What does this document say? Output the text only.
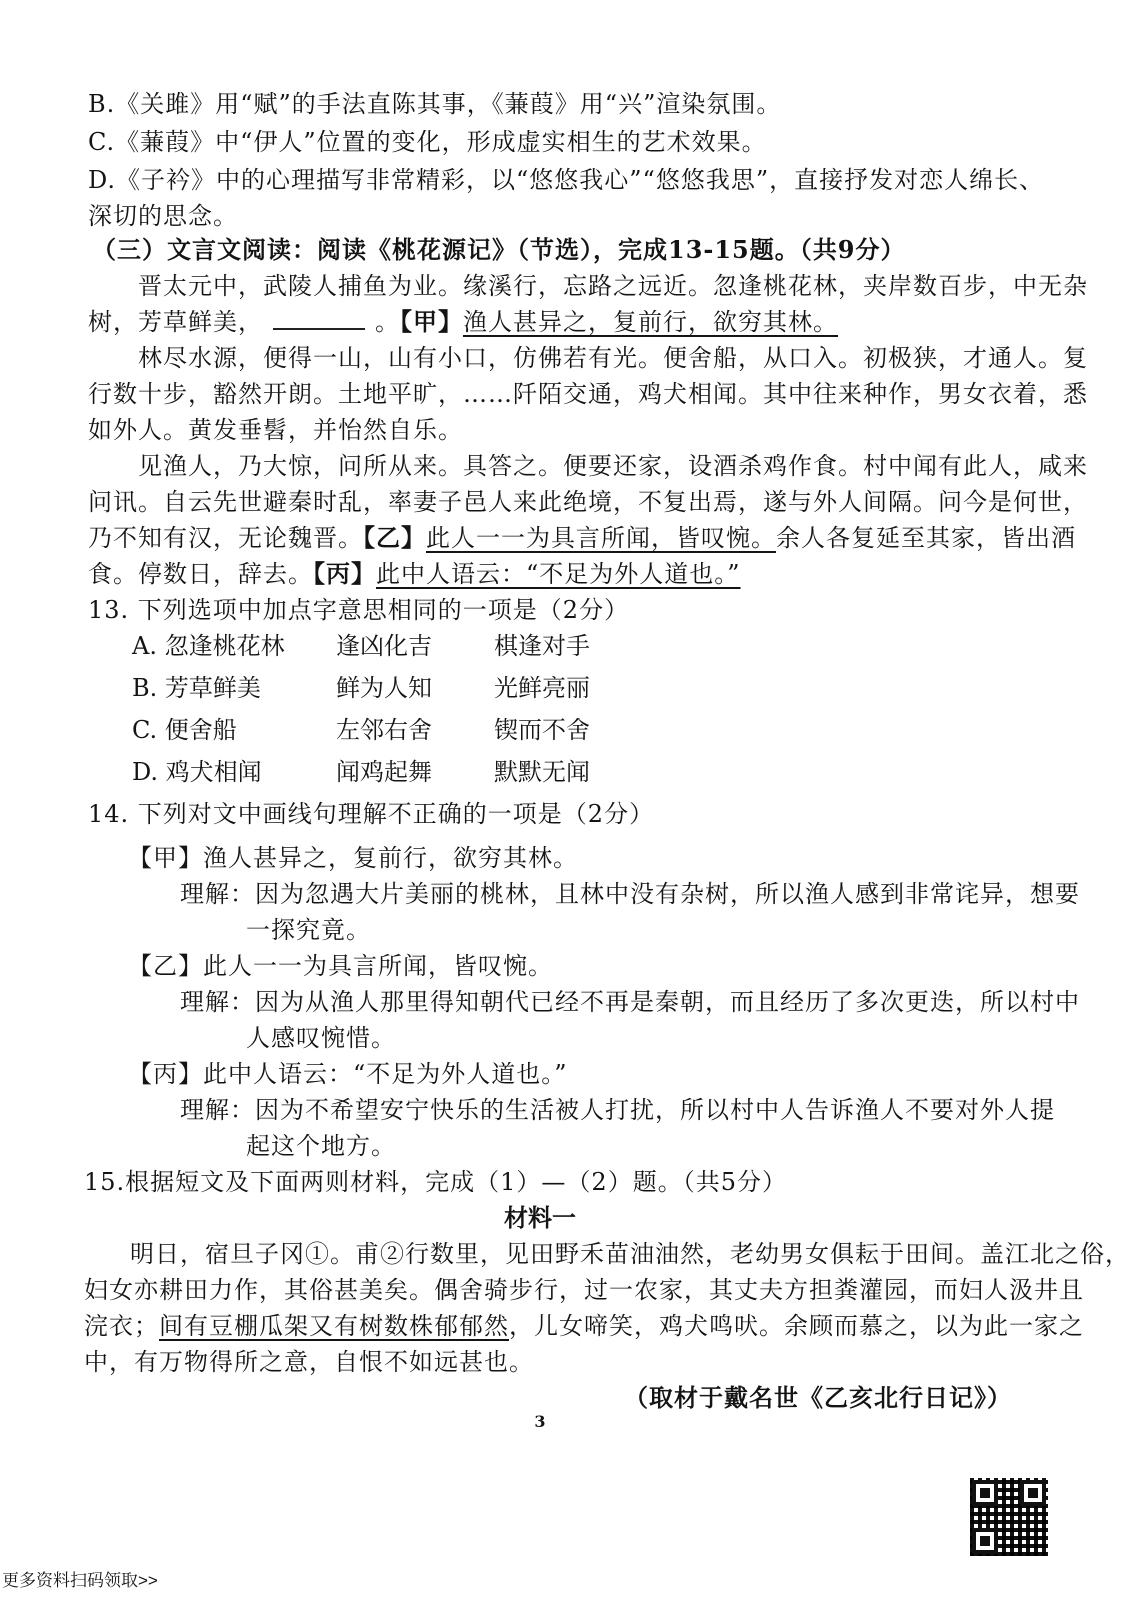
B.《关雎》用“赋”的手法直陈其事，《蒹葭》用“兴”渲染氛围。
C.《蒹葭》中“伊人”位置的变化，形成虚实相生的艺术效果。
D.《子衿》中的心理描写非常精彩，以“悠悠我心”“悠悠我思”，直接抒发对恋人绵长、
深切的思念。
（三）文言文阅读：阅读《桃花源记》（节选），完成13-15题。（共9分）
晋太元中，武陵人捕鱼为业。缘溪行，忘路之远近。忽逢桃花林，夹岸数百步，中无杂
树，芳草鲜美，	。【甲】渔人甚异之，复前行，欲穷其林。
林尽水源，便得一山，山有小口，仿佛若有光。便舍船，从口入。初极狭，才通人。复
行数十步，豁然开朗。土地平旷，……阡陌交通，鸡犬相闻。其中往来种作，男女衣着，悉
如外人。黄发垂髫，并怡然自乐。
见渔人，乃大惊，问所从来。具答之。便要还家，设酒杀鸡作食。村中闻有此人，咸来
问讯。自云先世避秦时乱，率妻子邑人来此绝境，不复出焉，遂与外人间隔。问今是何世，
乃不知有汉，无论魏晋。【乙】此人一一为具言所闻，皆叹惋。余人各复延至其家，皆出酒
食。停数日，辞去。【丙】此中人语云：“不足为外人道也。”
13. 下列选项中加点字意思相同的一项是（2分）
A. 忽逢桃花林 逢凶化吉	棋逢对手
B. 芳草鲜美	鲜为人知	光鲜亮丽
C. 便舍船	左邻右舍	锲而不舍
D. 鸡犬相闻	闻鸡起舞	默默无闻
14. 下列对文中画线句理解不正确的一项是（2分）
【甲】渔人甚异之，复前行，欲穷其林。
理解：因为忽遇大片美丽的桃林，且林中没有杂树，所以渔人感到非常诧异，想要
一探究竟。
【乙】此人一一为具言所闻，皆叹惋。
理解：因为从渔人那里得知朝代已经不再是秦朝，而且经历了多次更迭，所以村中
人感叹惋惜。
【丙】此中人语云：“不足为外人道也。”
理解：因为不希望安宁快乐的生活被人打扰，所以村中人告诉渔人不要对外人提
起这个地方。
15.根据短文及下面两则材料，完成（1）—（2）题。（共5分）
材料一
明日，宿旦子冈①。甫②行数里，见田野禾苗油油然，老幼男女俱耘于田间。盖江北之俗，
妇女亦耕田力作，其俗甚美矣。偶舍骑步行，过一农家，其丈夫方担粪灌园，而妇人汲井且
浣衣；间有豆棚瓜架又有树数株郁郁然，儿女啼笑，鸡犬鸣吠。余顾而慕之，以为此一家之
中，有万物得所之意，自恨不如远甚也。
（取材于戴名世《乙亥北行日记》）
3
更多资料扫码领取>>
